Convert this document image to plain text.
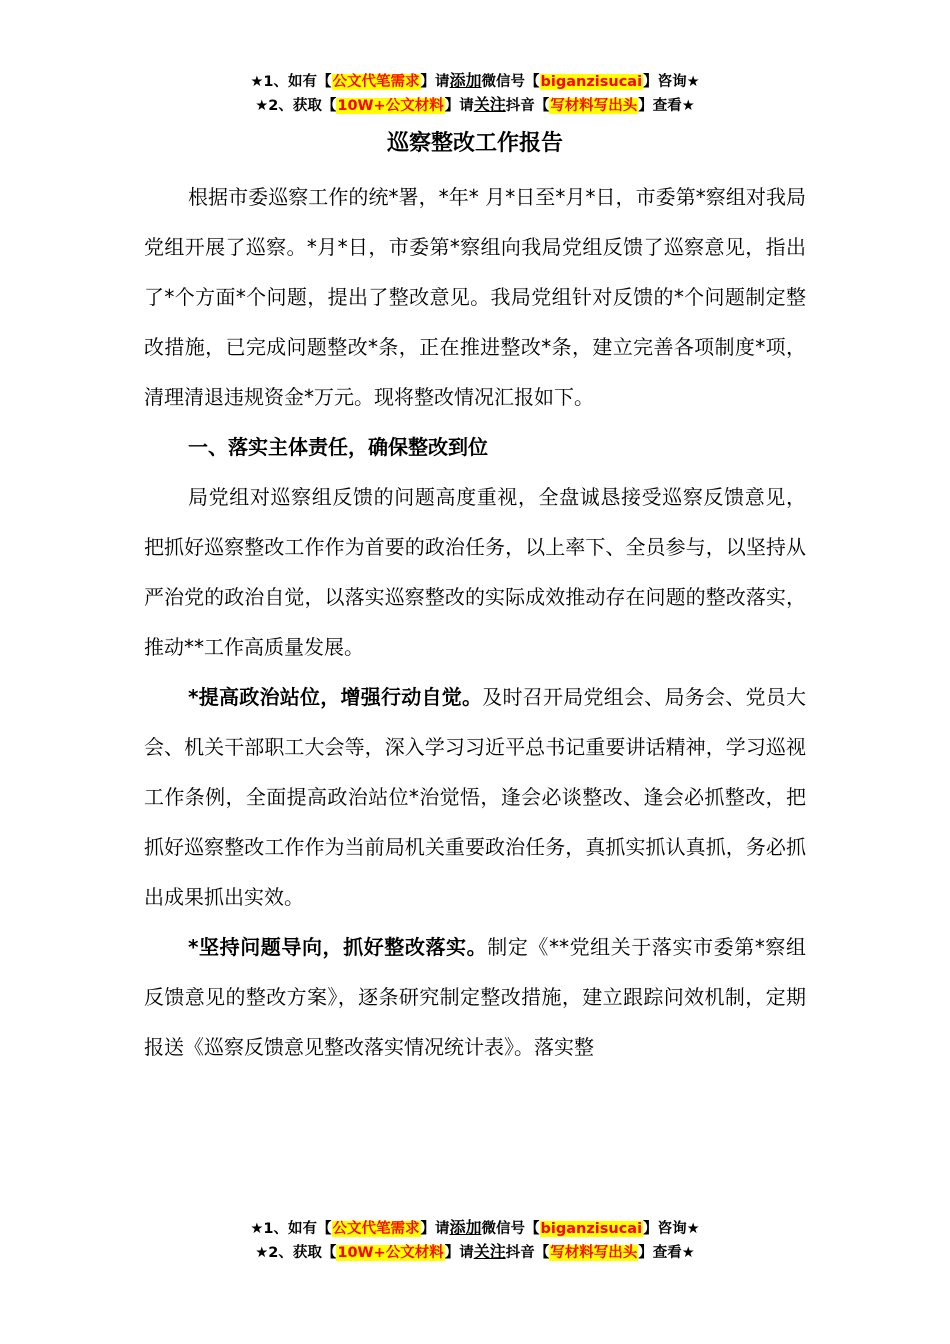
★1、如有【公文代笔需求】请添加微信号【biganzisucai】咨询★
★2、获取【10W+公文材料】请关注抖音【写材料写出头】查看★
巡察整改工作报告

根据市委巡察工作的统*署，*年* 月*日至*月*日，市委第*察组对我局党组开展了巡察。*月*日，市委第*察组向我局党组反馈了巡察意见，指出了*个方面*个问题，提出了整改意见。我局党组针对反馈的*个问题制定整改措施，已完成问题整改*条，正在推进整改*条，建立完善各项制度*项，清理清退违规资金*万元。现将整改情况汇报如下。

一、落实主体责任，确保整改到位

局党组对巡察组反馈的问题高度重视，全盘诚恳接受巡察反馈意见，把抓好巡察整改工作作为首要的政治任务，以上率下、全员参与，以坚持从严治党的政治自觉，以落实巡察整改的实际成效推动存在问题的整改落实，推动**工作高质量发展。

*提高政治站位，增强行动自觉。及时召开局党组会、局务会、党员大会、机关干部职工大会等，深入学习习近平总书记重要讲话精神，学习巡视工作条例，全面提高政治站位*治觉悟，逢会必谈整改、逢会必抓整改，把抓好巡察整改工作作为当前局机关重要政治任务，真抓实抓认真抓，务必抓出成果抓出实效。

*坚持问题导向，抓好整改落实。制定《**党组关于落实市委第*察组反馈意见的整改方案》，逐条研究制定整改措施，建立跟踪问效机制，定期报送《巡察反馈意见整改落实情况统计表》。落实整

★1、如有【公文代笔需求】请添加微信号【biganzisucai】咨询★
★2、获取【10W+公文材料】请关注抖音【写材料写出头】查看★
